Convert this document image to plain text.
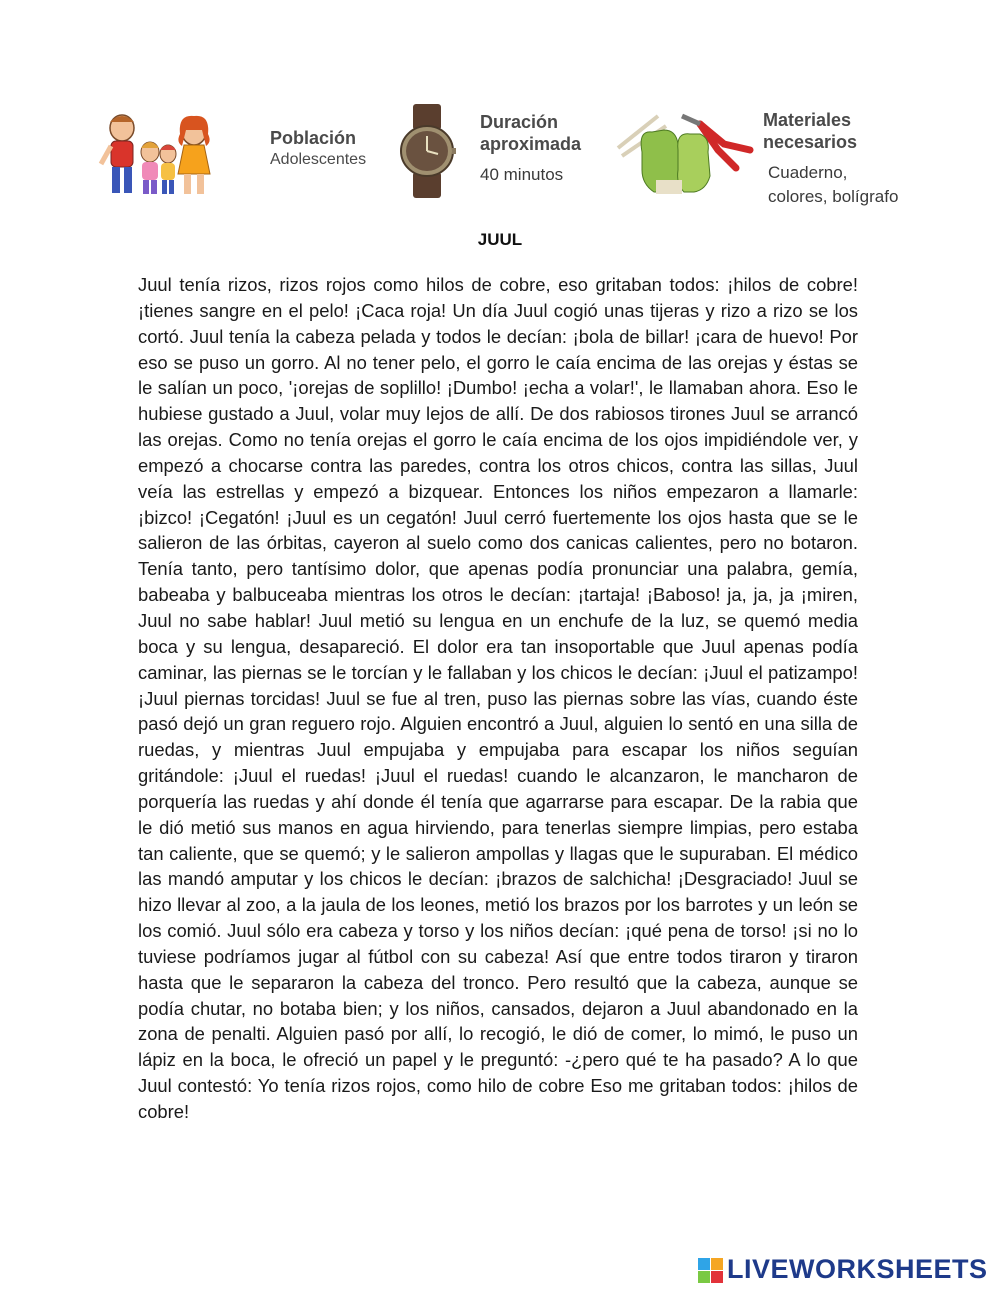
Población
Adolescentes
Duración
aproximada
40 minutos
Materiales
necesarios
Cuaderno,
colores, bolígrafo
JUUL
Juul tenía rizos, rizos rojos como hilos de cobre, eso gritaban todos: ¡hilos de cobre! ¡tienes sangre en el pelo! ¡Caca roja! Un día Juul cogió unas tijeras y rizo a rizo se los cortó. Juul tenía la cabeza pelada y todos le decían: ¡bola de billar! ¡cara de huevo! Por eso se puso un gorro. Al no tener pelo, el gorro le caía encima de las orejas y éstas se le salían un poco, '¡orejas de soplillo! ¡Dumbo! ¡echa a volar!', le llamaban ahora. Eso le hubiese gustado a Juul, volar muy lejos de allí. De dos rabiosos tirones Juul se arrancó las orejas. Como no tenía orejas el gorro le caía encima de los ojos impidiéndole ver, y empezó a chocarse contra las paredes, contra los otros chicos, contra las sillas, Juul veía las estrellas y empezó a bizquear. Entonces los niños empezaron a llamarle: ¡bizco! ¡Cegatón! ¡Juul es un cegatón! Juul cerró fuertemente los ojos hasta que se le salieron de las órbitas, cayeron al suelo como dos canicas calientes, pero no botaron. Tenía tanto, pero tantísimo dolor, que apenas podía pronunciar una palabra, gemía, babeaba y balbuceaba mientras los otros le decían: ¡tartaja! ¡Baboso! ja, ja, ja ¡miren, Juul no sabe hablar! Juul metió su lengua en un enchufe de la luz, se quemó media boca y su lengua, desapareció. El dolor era tan insoportable que Juul apenas podía caminar, las piernas se le torcían y le fallaban y los chicos le decían: ¡Juul el patizampo! ¡Juul piernas torcidas! Juul se fue al tren, puso las piernas sobre las vías, cuando éste pasó dejó un gran reguero rojo. Alguien encontró a Juul, alguien lo sentó en una silla de ruedas, y mientras Juul empujaba y empujaba para escapar los niños seguían gritándole: ¡Juul el ruedas! ¡Juul el ruedas! cuando le alcanzaron, le mancharon de porquería las ruedas y ahí donde él tenía que agarrarse para escapar. De la rabia que le dió metió sus manos en agua hirviendo, para tenerlas siempre limpias, pero estaba tan caliente, que se quemó; y le salieron ampollas y llagas que le supuraban. El médico las mandó amputar y los chicos le decían: ¡brazos de salchicha! ¡Desgraciado! Juul se hizo llevar al zoo, a la jaula de los leones, metió los brazos por los barrotes y un león se los comió. Juul sólo era cabeza y torso y los niños decían: ¡qué pena de torso! ¡si no lo tuviese podríamos jugar al fútbol con su cabeza! Así que entre todos tiraron y tiraron hasta que le separaron la cabeza del tronco. Pero resultó que la cabeza, aunque se podía chutar, no botaba bien; y los niños, cansados, dejaron a Juul abandonado en la zona de penalti. Alguien pasó por allí, lo recogió, le dió de comer, lo mimó, le puso un lápiz en la boca, le ofreció un papel y le preguntó: -¿pero qué te ha pasado? A lo que Juul contestó: Yo tenía rizos rojos, como hilo de cobre Eso me gritaban todos: ¡hilos de cobre!
LIVEWORKSHEETS
